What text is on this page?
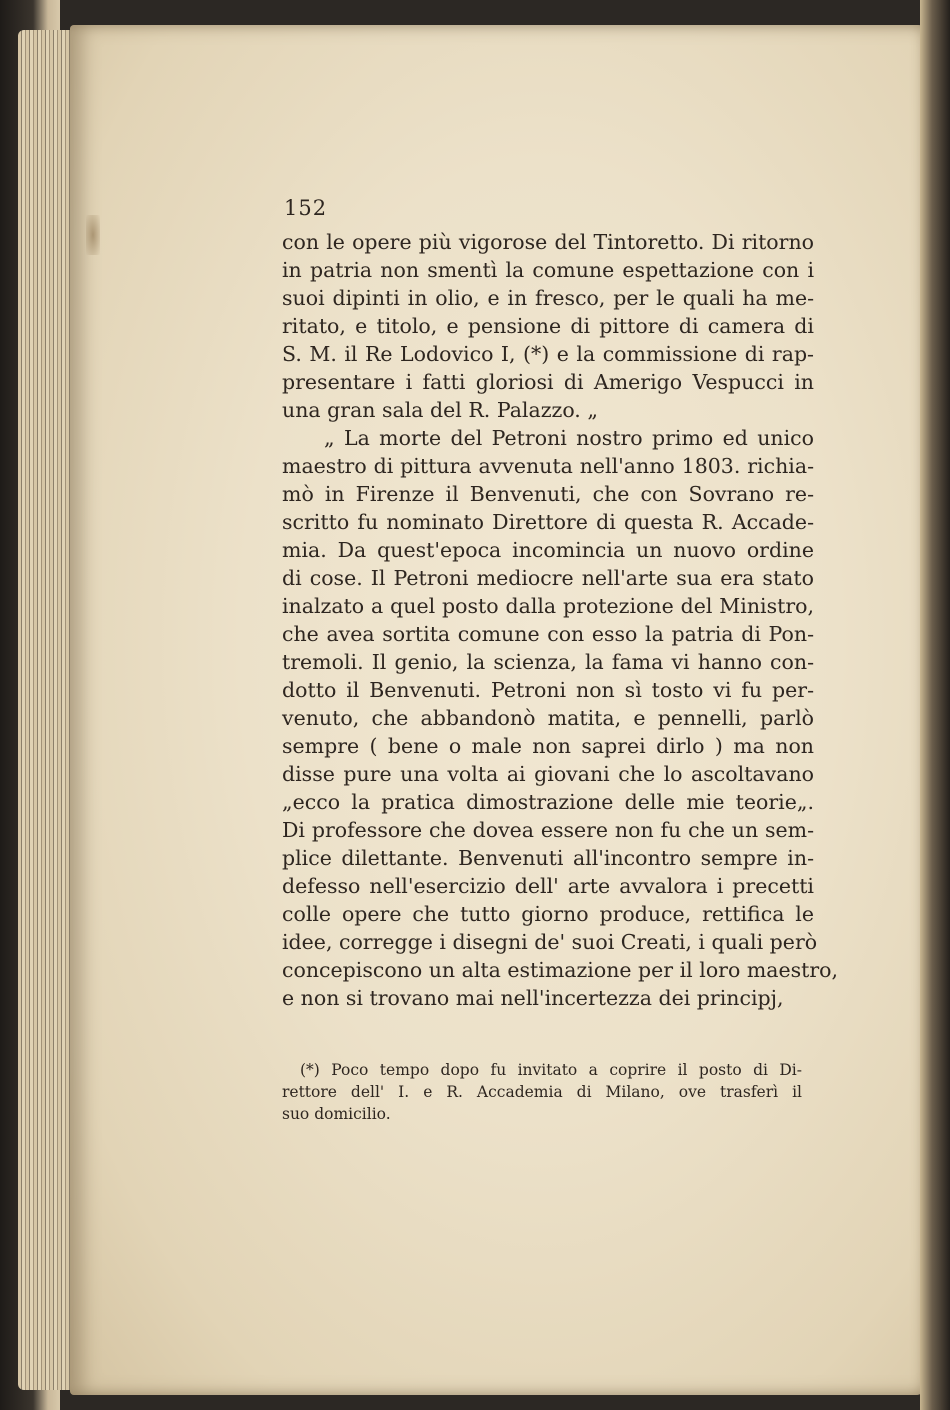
152
con le opere più vigorose del Tintoretto. Di ritorno
in patria non smentì la comune espettazione con i
suoi dipinti in olio, e in fresco, per le quali ha me-
ritato, e titolo, e pensione di pittore di camera di
S. M. il Re Lodovico I, (*) e la commissione di rap-
presentare i fatti gloriosi di Amerigo Vespucci in
una gran sala del R. Palazzo. „
„ La morte del Petroni nostro primo ed unico
maestro di pittura avvenuta nell'anno 1803. richia-
mò in Firenze il Benvenuti, che con Sovrano re-
scritto fu nominato Direttore di questa R. Accade-
mia. Da quest'epoca incomincia un nuovo ordine
di cose. Il Petroni mediocre nell'arte sua era stato
inalzato a quel posto dalla protezione del Ministro,
che avea sortita comune con esso la patria di Pon-
tremoli. Il genio, la scienza, la fama vi hanno con-
dotto il Benvenuti. Petroni non sì tosto vi fu per-
venuto, che abbandonò matita, e pennelli, parlò
sempre ( bene o male non saprei dirlo ) ma non
disse pure una volta ai giovani che lo ascoltavano
„ecco la pratica dimostrazione delle mie teorie„.
Di professore che dovea essere non fu che un sem-
plice dilettante. Benvenuti all'incontro sempre in-
defesso nell'esercizio dell' arte avvalora i precetti
colle opere che tutto giorno produce, rettifica le
idee, corregge i disegni de' suoi Creati, i quali però
concepiscono un alta estimazione per il loro maestro,
e non si trovano mai nell'incertezza dei principj,
(*) Poco tempo dopo fu invitato a coprire il posto di Di-
rettore dell' I. e R. Accademia di Milano, ove trasferì il
suo domicilio.
